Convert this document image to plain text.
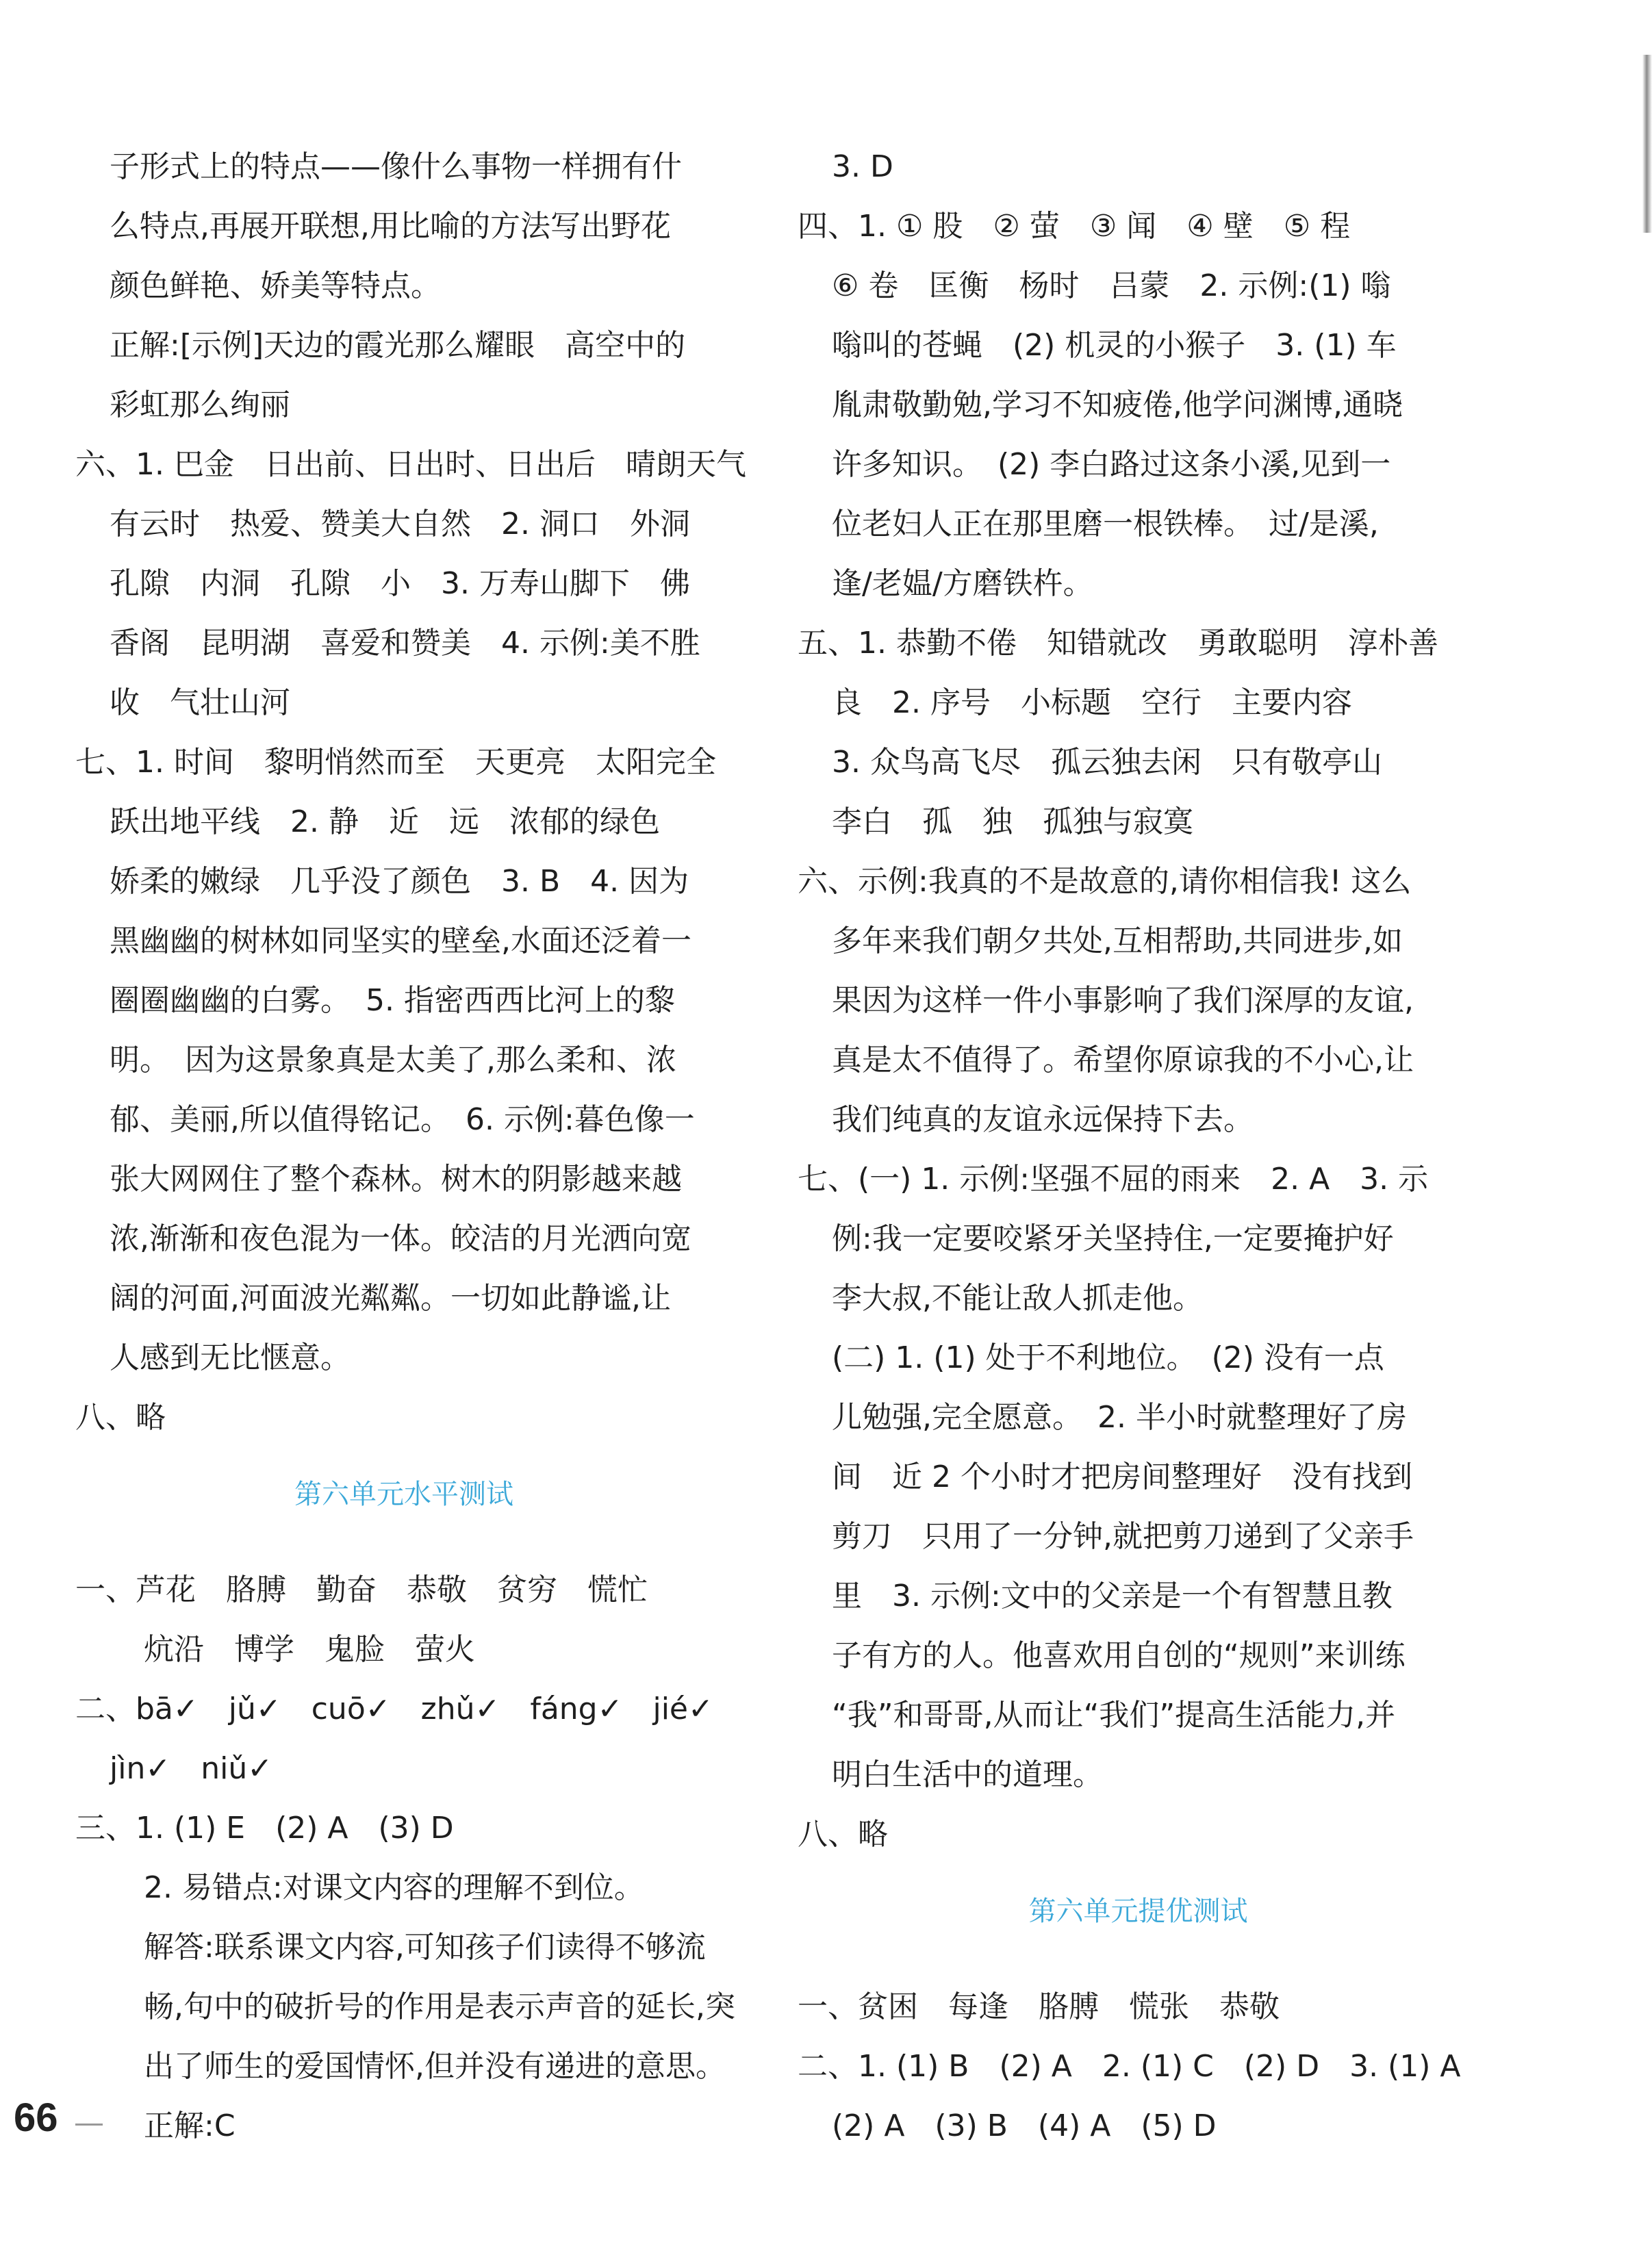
子形式上的特点——像什么事物一样拥有什
么特点,再展开联想,用比喻的方法写出野花
颜色鲜艳、娇美等特点。
正解:[示例]天边的霞光那么耀眼　高空中的
彩虹那么绚丽
六、1. 巴金　日出前、日出时、日出后　晴朗天气
有云时　热爱、赞美大自然　2. 洞口　外洞
孔隙　内洞　孔隙　小　3. 万寿山脚下　佛
香阁　昆明湖　喜爱和赞美　4. 示例:美不胜
收　气壮山河
七、1. 时间　黎明悄然而至　天更亮　太阳完全
跃出地平线　2. 静　近　远　浓郁的绿色
娇柔的嫩绿　几乎没了颜色　3. B　4. 因为
黑幽幽的树林如同坚实的壁垒,水面还泛着一
圈圈幽幽的白雾。　5. 指密西西比河上的黎
明。　因为这景象真是太美了,那么柔和、浓
郁、美丽,所以值得铭记。　6. 示例:暮色像一
张大网网住了整个森林。树木的阴影越来越
浓,渐渐和夜色混为一体。皎洁的月光洒向宽
阔的河面,河面波光粼粼。一切如此静谧,让
人感到无比惬意。
八、略
第六单元水平测试
一、芦花　胳膊　勤奋　恭敬　贫穷　慌忙
炕沿　博学　鬼脸　萤火
二、bā✓　jǔ✓　cuō✓　zhǔ✓　fáng✓　jié✓
jìn✓　niǔ✓
三、1. (1) E　(2) A　(3) D
2. 易错点:对课文内容的理解不到位。
解答:联系课文内容,可知孩子们读得不够流
畅,句中的破折号的作用是表示声音的延长,突
出了师生的爱国情怀,但并没有递进的意思。
正解:C
3. D
四、1. ① 股　② 萤　③ 闻　④ 壁　⑤ 程
⑥ 卷　匡衡　杨时　吕蒙　2. 示例:(1) 嗡
嗡叫的苍蝇　(2) 机灵的小猴子　3. (1) 车
胤肃敬勤勉,学习不知疲倦,他学问渊博,通晓
许多知识。　(2) 李白路过这条小溪,见到一
位老妇人正在那里磨一根铁棒。　过/是溪,
逢/老媪/方磨铁杵。
五、1. 恭勤不倦　知错就改　勇敢聪明　淳朴善
良　2. 序号　小标题　空行　主要内容
3. 众鸟高飞尽　孤云独去闲　只有敬亭山
李白　孤　独　孤独与寂寞
六、示例:我真的不是故意的,请你相信我! 这么
多年来我们朝夕共处,互相帮助,共同进步,如
果因为这样一件小事影响了我们深厚的友谊,
真是太不值得了。希望你原谅我的不小心,让
我们纯真的友谊永远保持下去。
七、(一) 1. 示例:坚强不屈的雨来　2. A　3. 示
例:我一定要咬紧牙关坚持住,一定要掩护好
李大叔,不能让敌人抓走他。
(二) 1. (1) 处于不利地位。　(2) 没有一点
儿勉强,完全愿意。　2. 半小时就整理好了房
间　近 2 个小时才把房间整理好　没有找到
剪刀　只用了一分钟,就把剪刀递到了父亲手
里　3. 示例:文中的父亲是一个有智慧且教
子有方的人。他喜欢用自创的“规则”来训练
“我”和哥哥,从而让“我们”提高生活能力,并
明白生活中的道理。
八、略
第六单元提优测试
一、贫困　每逢　胳膊　慌张　恭敬
二、1. (1) B　(2) A　2. (1) C　(2) D　3. (1) A
(2) A　(3) B　(4) A　(5) D
66
